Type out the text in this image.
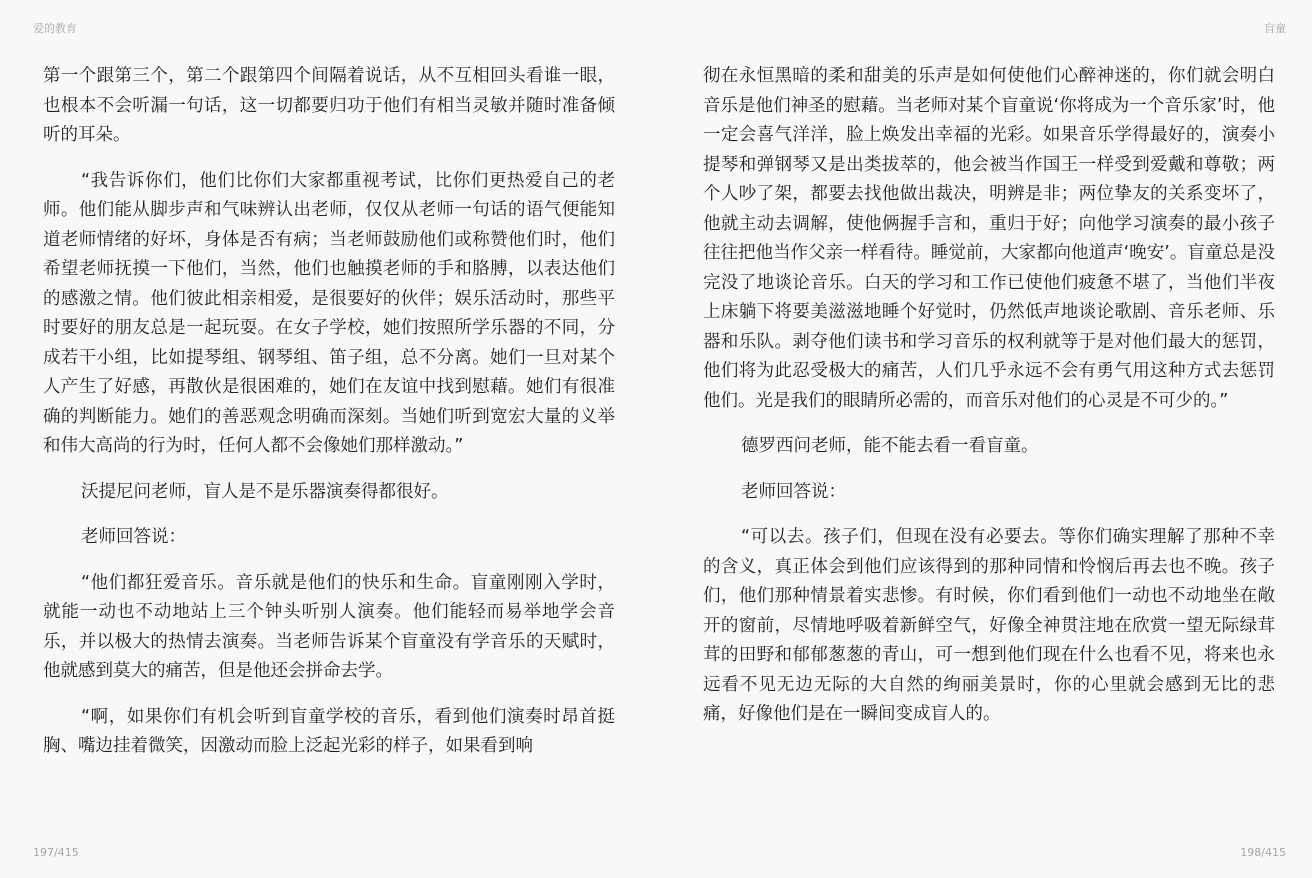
爱的教育	盲童

第一个跟第三个，第二个跟第四个间隔着说话，从不互相回头看谁一眼，也根本不会听漏一句话，这一切都要归功于他们有相当灵敏并随时准备倾听的耳朵。

“我告诉你们，他们比你们大家都重视考试，比你们更热爱自己的老师。他们能从脚步声和气味辨认出老师，仅仅从老师一句话的语气便能知道老师情绪的好坏，身体是否有病；当老师鼓励他们或称赞他们时，他们希望老师抚摸一下他们，当然，他们也触摸老师的手和胳膊，以表达他们的感激之情。他们彼此相亲相爱，是很要好的伙伴；娱乐活动时，那些平时要好的朋友总是一起玩耍。在女子学校，她们按照所学乐器的不同，分成若干小组，比如提琴组、钢琴组、笛子组，总不分离。她们一旦对某个人产生了好感，再散伙是很困难的，她们在友谊中找到慰藉。她们有很准确的判断能力。她们的善恶观念明确而深刻。当她们听到宽宏大量的义举和伟大高尚的行为时，任何人都不会像她们那样激动。”

沃提尼问老师，盲人是不是乐器演奏得都很好。

老师回答说：

“他们都狂爱音乐。音乐就是他们的快乐和生命。盲童刚刚入学时，就能一动也不动地站上三个钟头听别人演奏。他们能轻而易举地学会音乐，并以极大的热情去演奏。当老师告诉某个盲童没有学音乐的天赋时，他就感到莫大的痛苦，但是他还会拼命去学。

“啊，如果你们有机会听到盲童学校的音乐，看到他们演奏时昂首挺胸、嘴边挂着微笑，因激动而脸上泛起光彩的样子，如果看到响

彻在永恒黑暗的柔和甜美的乐声是如何使他们心醉神迷的，你们就会明白音乐是他们神圣的慰藉。当老师对某个盲童说‘你将成为一个音乐家’时，他一定会喜气洋洋，脸上焕发出幸福的光彩。如果音乐学得最好的，演奏小提琴和弹钢琴又是出类拔萃的，他会被当作国王一样受到爱戴和尊敬；两个人吵了架，都要去找他做出裁决，明辨是非；两位挚友的关系变坏了，他就主动去调解，使他俩握手言和，重归于好；向他学习演奏的最小孩子往往把他当作父亲一样看待。睡觉前，大家都向他道声‘晚安’。盲童总是没完没了地谈论音乐。白天的学习和工作已使他们疲惫不堪了，当他们半夜上床躺下将要美滋滋地睡个好觉时，仍然低声地谈论歌剧、音乐老师、乐器和乐队。剥夺他们读书和学习音乐的权利就等于是对他们最大的惩罚，他们将为此忍受极大的痛苦，人们几乎永远不会有勇气用这种方式去惩罚他们。光是我们的眼睛所必需的，而音乐对他们的心灵是不可少的。”

德罗西问老师，能不能去看一看盲童。

老师回答说：

“可以去。孩子们，但现在没有必要去。等你们确实理解了那种不幸的含义，真正体会到他们应该得到的那种同情和怜悯后再去也不晚。孩子们，他们那种情景着实悲惨。有时候，你们看到他们一动也不动地坐在敞开的窗前，尽情地呼吸着新鲜空气，好像全神贯注地在欣赏一望无际绿茸茸的田野和郁郁葱葱的青山，可一想到他们现在什么也看不见，将来也永远看不见无边无际的大自然的绚丽美景时，你的心里就会感到无比的悲痛，好像他们是在一瞬间变成盲人的。

197/415	198/415
